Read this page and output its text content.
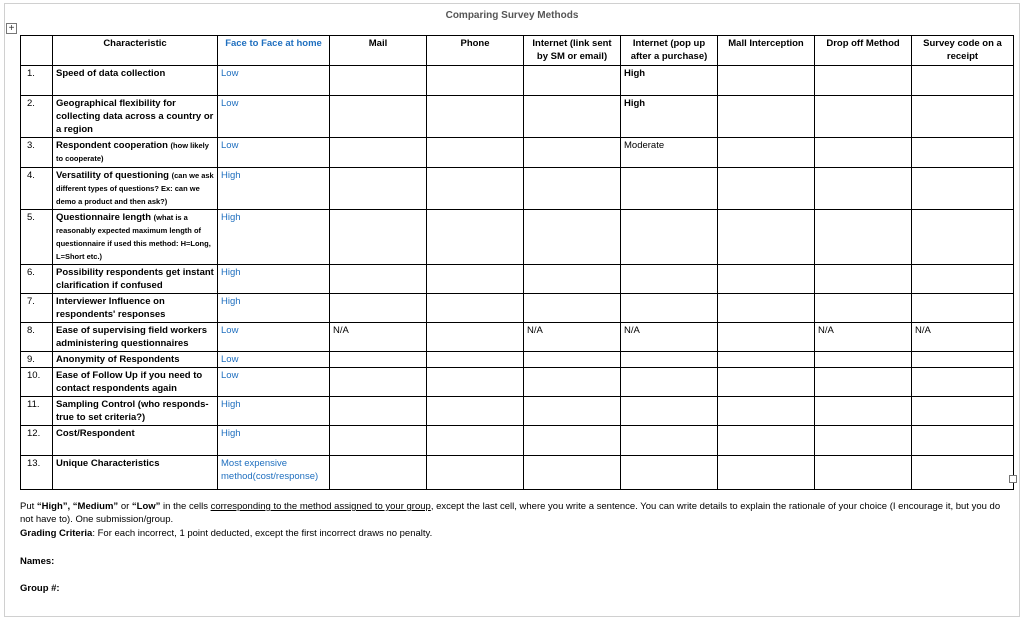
Comparing Survey Methods
+
	Characteristic	Face to Face at home	Mail	Phone	Internet (link sent by SM or email)	Internet (pop up after a purchase)	Mall Interception	Drop off Method	Survey code on a receipt
1.	Speed of data collection	Low				High			
2.	Geographical flexibility for collecting data across a country or a region	Low				High			
3.	Respondent cooperation (how likely to cooperate)	Low				Moderate			
4.	Versatility of questioning (can we ask different types of questions? Ex: can we demo a product and then ask?)	High							
5.	Questionnaire length (what is a reasonably expected maximum length of questionnaire if used this method: H=Long, L=Short etc.)	High							
6.	Possibility respondents get instant clarification if confused	High							
7.	Interviewer Influence on respondents' responses	High							
8.	Ease of supervising field workers administering questionnaires	Low	N/A		N/A	N/A		N/A	N/A
9.	Anonymity of Respondents	Low							
10.	Ease of Follow Up if you need to contact respondents again	Low							
11.	Sampling Control (who responds- true to set criteria?)	High							
12.	Cost/Respondent	High							
13.	Unique Characteristics	Most expensive method(cost/response)							

Put “High”, “Medium” or “Low” in the cells corresponding to the method assigned to your group, except the last cell, where you write a sentence. You can write details to explain the rationale of your choice (I encourage it, but you do not have to). One submission/group.

Grading Criteria: For each incorrect, 1 point deducted, except the first incorrect draws no penalty.

Names:
Group #:
